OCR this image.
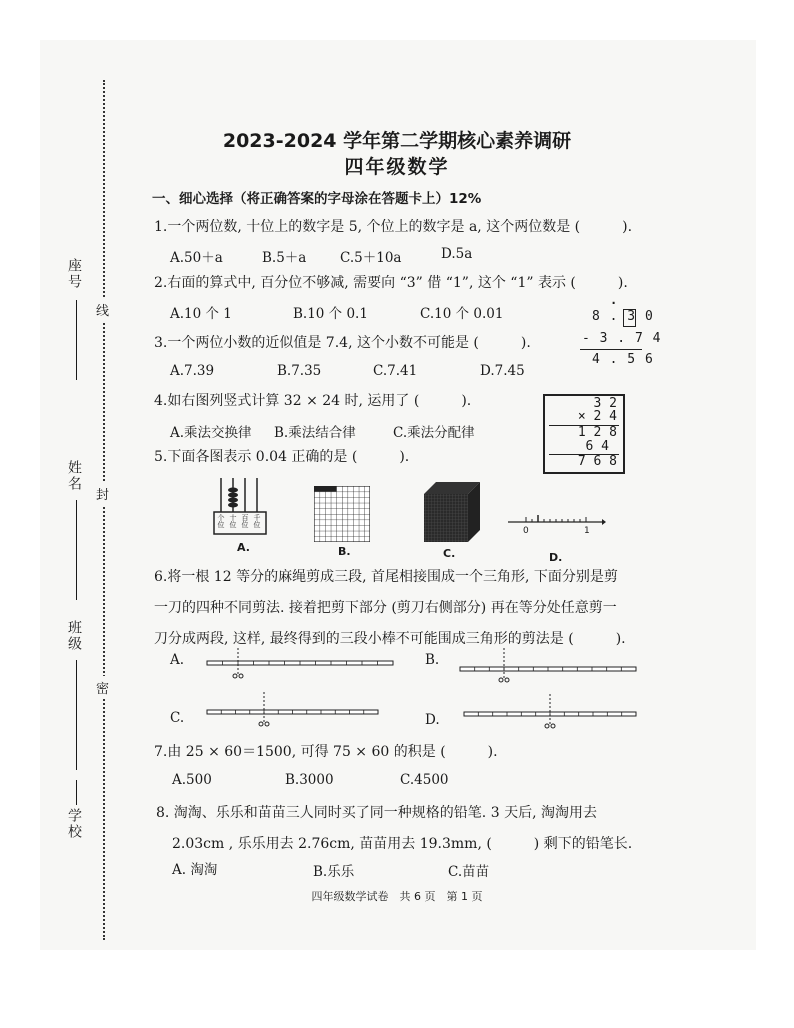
座号
姓名
班级
学校
线
封
密
2023-2024 学年第二学期核心素养调研
四年级数学
一、细心选择（将正确答案的字母涂在答题卡上）12%
1.一个两位数, 十位上的数字是 5, 个位上的数字是 a, 这个两位数是 (　　　).
A.50＋a	B.5＋a C.5＋10a	D.5a
2.右面的算式中, 百分位不够减, 需要向 “3” 借 “1”, 这个 “1” 表示 (　　　).
A.10 个 1	B.10 个 0.1	C.10 个 0.01
·
8 . 3 0
- 3 . 7 4
4 . 5 6
3.一个两位小数的近似值是 7.4, 这个小数不可能是 (　　　).
A.7.39	B.7.35	C.7.41	D.7.45
4.如右图列竖式计算 32 × 24 时, 运用了 (　　　).
A.乘法交换律 B.乘法结合律	C.乘法分配律
3 2
× 2 4
1 2 8
6 4
7 6 8
5.下面各图表示 0.04 正确的是 (　　　).
个位 十位 百位 千位
A.	B.	C.
0	1
D.
6.将一根 12 等分的麻绳剪成三段, 首尾相接围成一个三角形, 下面分别是剪
一刀的四种不同剪法. 接着把剪下部分 (剪刀右侧部分) 再在等分处任意剪一
刀分成两段, 这样, 最终得到的三段小棒不可能围成三角形的剪法是 (　　　).
A.	B.
C.	D.
7.由 25 × 60＝1500, 可得 75 × 60 的积是 (　　　).
A.500	B.3000	C.4500
8. 淘淘、乐乐和苗苗三人同时买了同一种规格的铅笔. 3 天后, 淘淘用去
2.03cm , 乐乐用去 2.76cm, 苗苗用去 19.3mm, (　　　) 剩下的铅笔长.
A. 淘淘	B.乐乐	C.苗苗
四年级数学试卷　共 6 页　第 1 页
